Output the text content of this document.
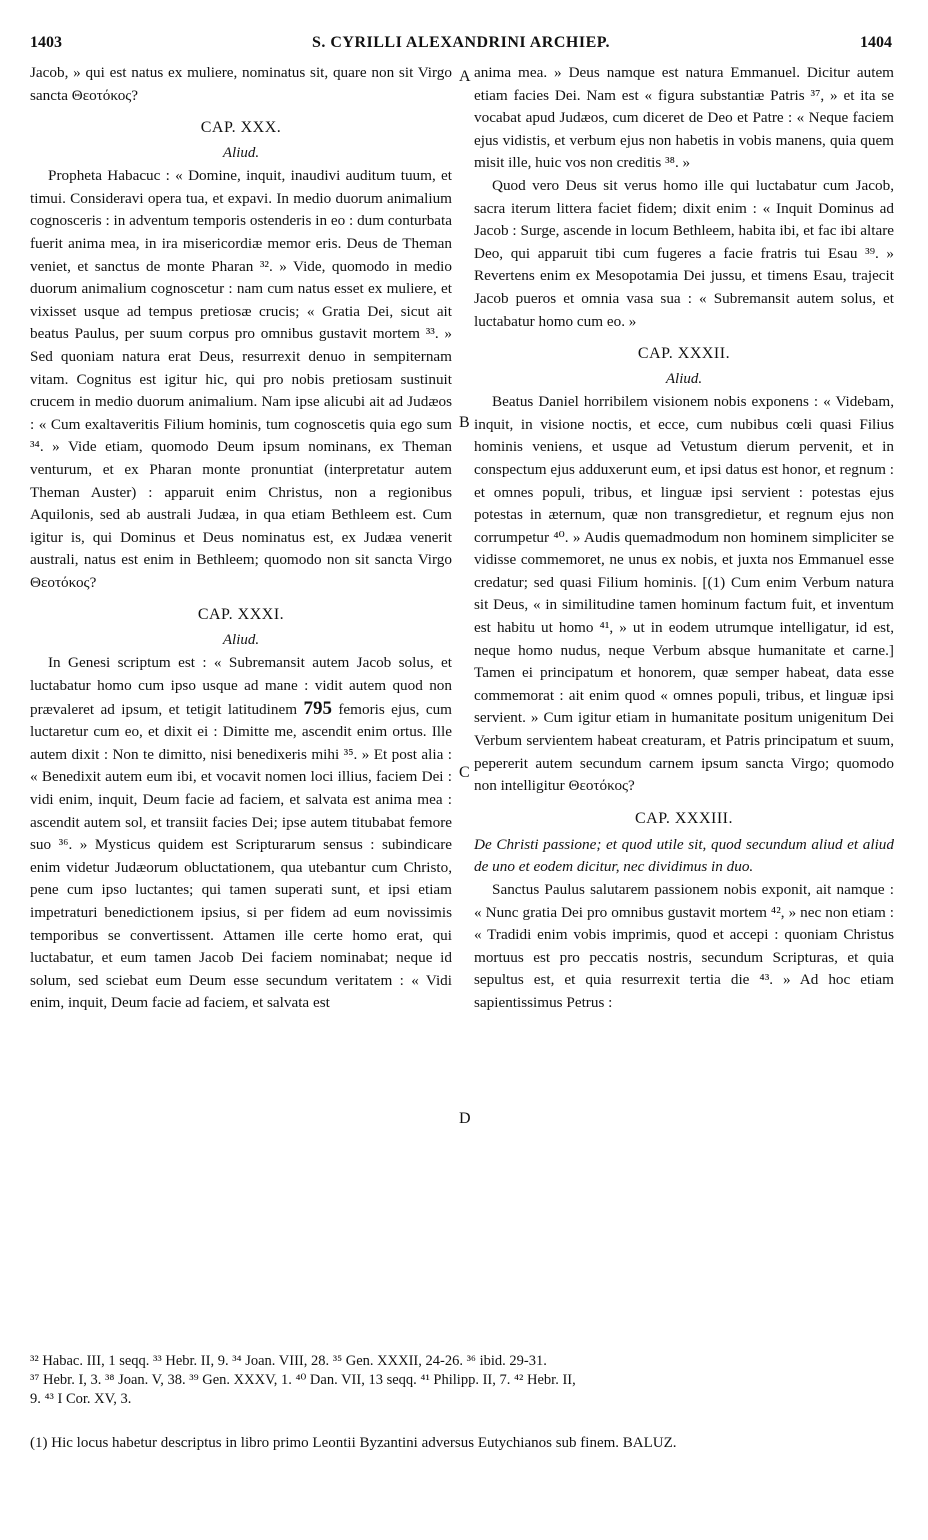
1403	S. CYRILLI ALEXANDRINI ARCHIEP.	1404
A
B
C
D

Jacob, » qui est natus ex muliere, nominatus sit, quare non sit Virgo sancta Θεοτόκος?

CAP. XXX.
Aliud.

Propheta Habacuc : « Domine, inquit, inaudivi auditum tuum, et timui. Consideravi opera tua, et expavi. In medio duorum animalium cognosceris : in adventum temporis ostenderis in eo : dum conturbata fuerit anima mea, in ira misericordiæ memor eris. Deus de Theman veniet, et sanctus de monte Pharan ³². » Vide, quomodo in medio duorum animalium cognoscetur : nam cum natus esset ex muliere, et vixisset usque ad tempus pretiosæ crucis; « Gratia Dei, sicut ait beatus Paulus, per suum corpus pro omnibus gustavit mortem ³³. » Sed quoniam natura erat Deus, resurrexit denuo in sempiternam vitam. Cognitus est igitur hic, qui pro nobis pretiosam sustinuit crucem in medio duorum animalium. Nam ipse alicubi ait ad Judæos : « Cum exaltaveritis Filium hominis, tum cognoscetis quia ego sum ³⁴. » Vide etiam, quomodo Deum ipsum nominans, ex Theman venturum, et ex Pharan monte pronuntiat (interpretatur autem Theman Auster) : apparuit enim Christus, non a regionibus Aquilonis, sed ab australi Judæa, in qua etiam Bethleem est. Cum igitur is, qui Dominus et Deus nominatus est, ex Judæa venerit australi, natus est enim in Bethleem; quomodo non sit sancta Virgo Θεοτόκος?

CAP. XXXI.
Aliud.

In Genesi scriptum est : « Subremansit autem Jacob solus, et luctabatur homo cum ipso usque ad mane : vidit autem quod non prævaleret ad ipsum, et tetigit latitudinem 795 femoris ejus, cum luctaretur cum eo, et dixit ei : Dimitte me, ascendit enim ortus. Ille autem dixit : Non te dimitto, nisi benedixeris mihi ³⁵. » Et post alia : « Benedixit autem eum ibi, et vocavit nomen loci illius, faciem Dei : vidi enim, inquit, Deum facie ad faciem, et salvata est anima mea : ascendit autem sol, et transiit facies Dei; ipse autem titubabat femore suo ³⁶. » Mysticus quidem est Scripturarum sensus : subindicare enim videtur Judæorum obluctationem, qua utebantur cum Christo, pene cum ipso luctantes; qui tamen superati sunt, et ipsi etiam impetraturi benedictionem ipsius, si per fidem ad eum novissimis temporibus se convertissent. Attamen ille certe homo erat, qui luctabatur, et eum tamen Jacob Dei faciem nominabat; neque id solum, sed sciebat eum Deum esse secundum veritatem : « Vidi enim, inquit, Deum facie ad faciem, et salvata est

anima mea. » Deus namque est natura Emmanuel. Dicitur autem etiam facies Dei. Nam est « figura substantiæ Patris ³⁷, » et ita se vocabat apud Judæos, cum diceret de Deo et Patre : « Neque faciem ejus vidistis, et verbum ejus non habetis in vobis manens, quia quem misit ille, huic vos non creditis ³⁸. »

Quod vero Deus sit verus homo ille qui luctabatur cum Jacob, sacra iterum littera faciet fidem; dixit enim : « Inquit Dominus ad Jacob : Surge, ascende in locum Bethleem, habita ibi, et fac ibi altare Deo, qui apparuit tibi cum fugeres a facie fratris tui Esau ³⁹. » Revertens enim ex Mesopotamia Dei jussu, et timens Esau, trajecit Jacob pueros et omnia vasa sua : « Subremansit autem solus, et luctabatur homo cum eo. »

CAP. XXXII.
Aliud.

Beatus Daniel horribilem visionem nobis exponens : « Videbam, inquit, in visione noctis, et ecce, cum nubibus cœli quasi Filius hominis veniens, et usque ad Vetustum dierum pervenit, et in conspectum ejus adduxerunt eum, et ipsi datus est honor, et regnum : et omnes populi, tribus, et linguæ ipsi servient : potestas ejus potestas in æternum, quæ non transgredietur, et regnum ejus non corrumpetur ⁴⁰. » Audis quemadmodum non hominem simpliciter se vidisse commemoret, ne unus ex nobis, et juxta nos Emmanuel esse credatur; sed quasi Filium hominis. [(1) Cum enim Verbum natura sit Deus, « in similitudine tamen hominum factum fuit, et inventum est habitu ut homo ⁴¹, » ut in eodem utrumque intelligatur, id est, neque homo nudus, neque Verbum absque humanitate et carne.] Tamen ei principatum et honorem, quæ semper habeat, data esse commemorat : ait enim quod « omnes populi, tribus, et linguæ ipsi servient. » Cum igitur etiam in humanitate positum unigenitum Dei Verbum servientem habeat creaturam, et Patris principatum et suum, pepererit autem secundum carnem ipsum sancta Virgo; quomodo non intelligitur Θεοτόκος?

CAP. XXXIII.

De Christi passione; et quod utile sit, quod secundum aliud et aliud de uno et eodem dicitur, nec dividimus in duo.

Sanctus Paulus salutarem passionem nobis exponit, ait namque : « Nunc gratia Dei pro omnibus gustavit mortem ⁴², » nec non etiam : « Tradidi enim vobis imprimis, quod et accepi : quoniam Christus mortuus est pro peccatis nostris, secundum Scripturas, et quia sepultus est, et quia resurrexit tertia die ⁴³. » Ad hoc etiam sapientissimus Petrus :

³² Habac. III, 1 seqq. ³³ Hebr. II, 9. ³⁴ Joan. VIII, 28. ³⁵ Gen. XXXII, 24-26. ³⁶ ibid. 29-31.

³⁷ Hebr. I, 3. ³⁸ Joan. V, 38. ³⁹ Gen. XXXV, 1. ⁴⁰ Dan. VII, 13 seqq. ⁴¹ Philipp. II, 7. ⁴² Hebr. II,

9. ⁴³ I Cor. XV, 3.

(1) Hic locus habetur descriptus in libro primo Leontii Byzantini adversus Eutychianos sub finem. BALUZ.
